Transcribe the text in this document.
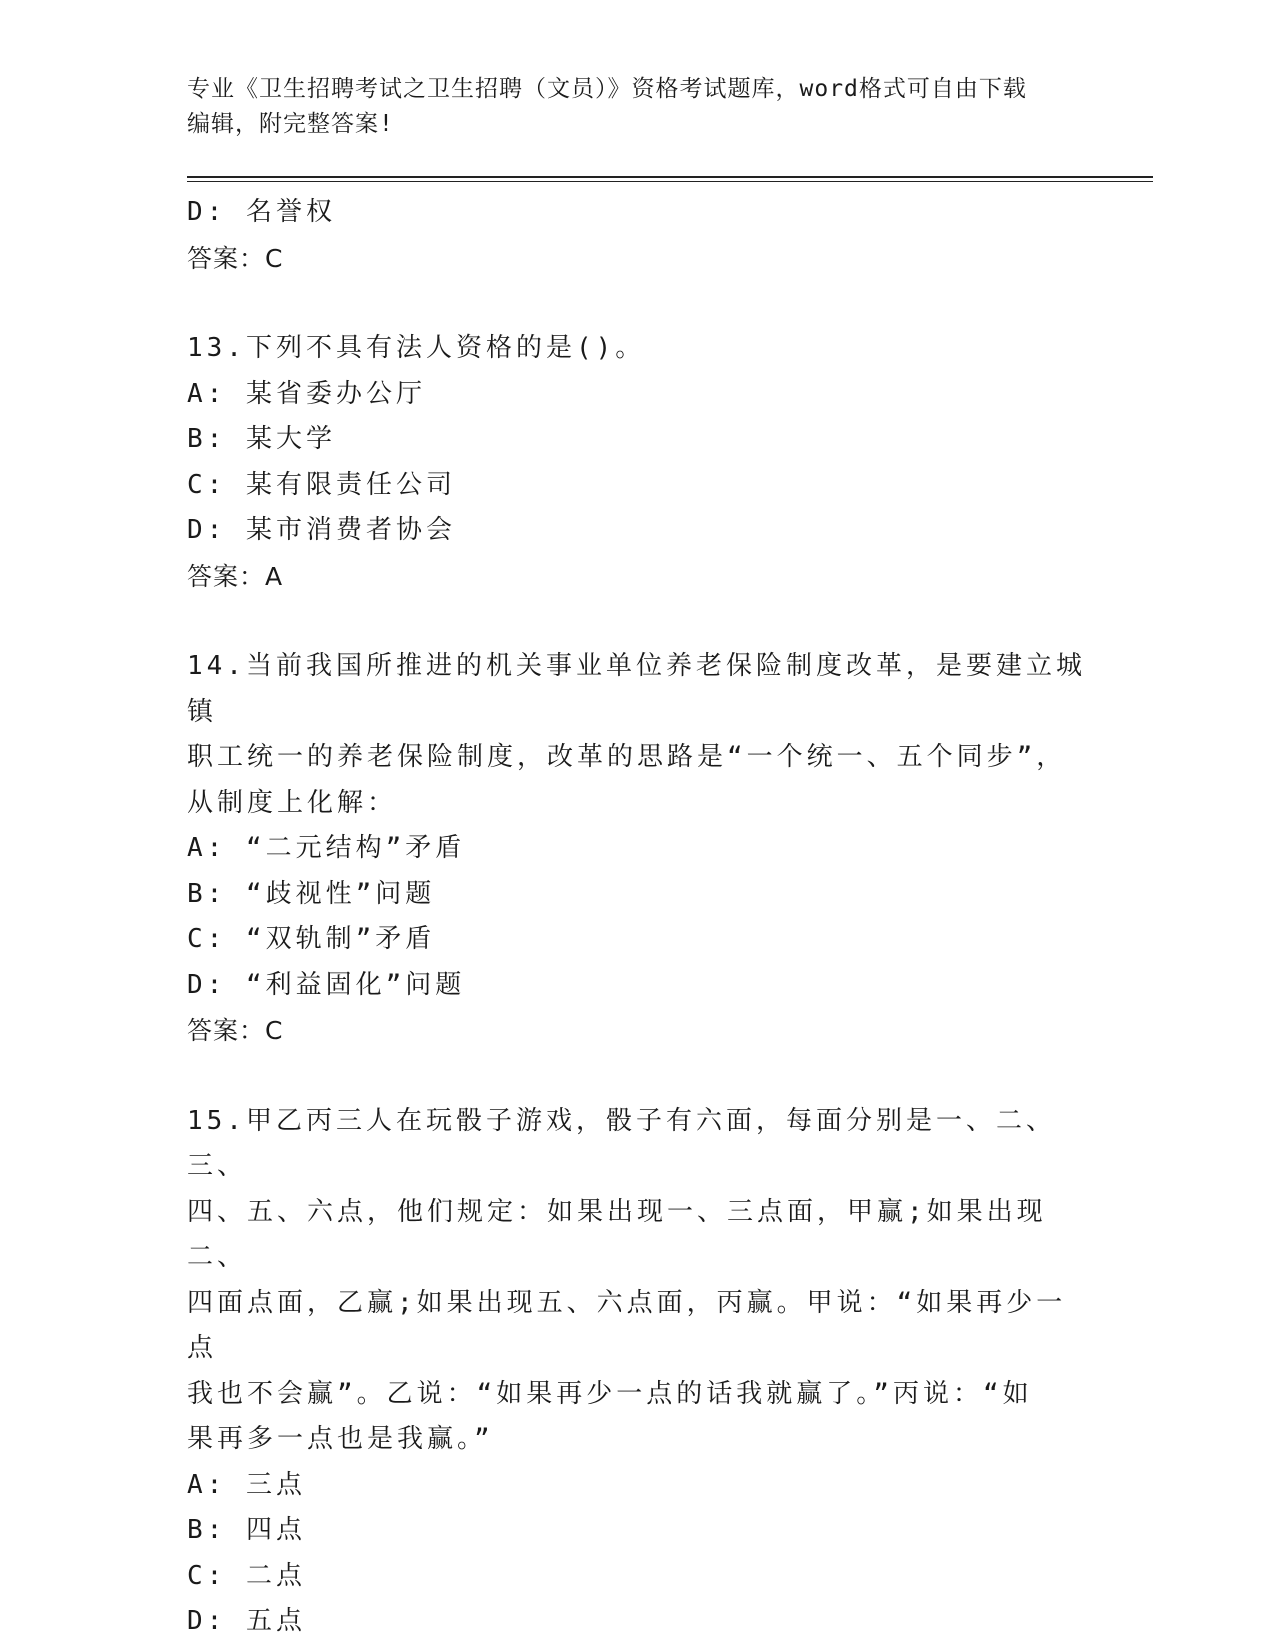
专业《卫生招聘考试之卫生招聘（文员）》资格考试题库，word格式可自由下载
编辑，附完整答案!
D: 名誉权
答案：C
13.下列不具有法人资格的是()。
A: 某省委办公厅
B: 某大学
C: 某有限责任公司
D: 某市消费者协会
答案：A
14.当前我国所推进的机关事业单位养老保险制度改革，是要建立城镇
职工统一的养老保险制度，改革的思路是“一个统一、五个同步”，
从制度上化解：
A: “二元结构”矛盾
B: “歧视性”问题
C: “双轨制”矛盾
D: “利益固化”问题
答案：C
15.甲乙丙三人在玩骰子游戏，骰子有六面，每面分别是一、二、三、
四、五、六点，他们规定：如果出现一、三点面，甲赢;如果出现二、
四面点面，乙赢;如果出现五、六点面，丙赢。甲说：“如果再少一点
我也不会赢”。乙说：“如果再少一点的话我就赢了。”丙说：“如
果再多一点也是我赢。”
A: 三点
B: 四点
C: 二点
D: 五点
